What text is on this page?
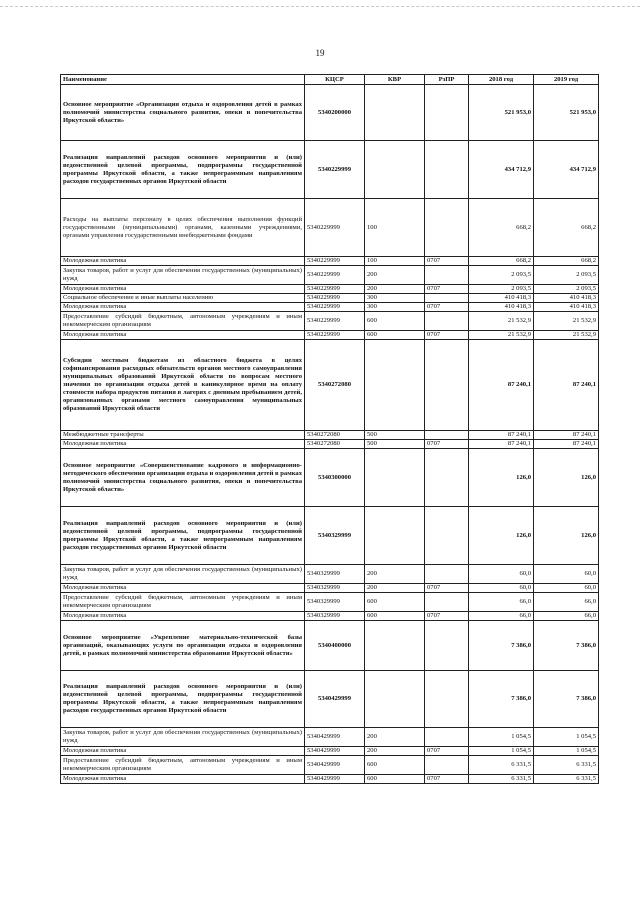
19
Наименование	КЦСР	КВР	РзПР	2018 год	2019 год
Основное мероприятие «Организация отдыха и оздоровления детей в рамках полномочий министерства социального развития, опеки и попечительства Иркутской области»	5340200000			521 953,0	521 953,0
Реализация направлений расходов основного мероприятия и (или) ведомственной целевой программы, подпрограммы государственной программы Иркутской области, а также непрограммным направлениям расходов государственных органов Иркутской области	5340229999			434 712,9	434 712,9
Расходы на выплаты персоналу в целях обеспечения выполнения функций государственными (муниципальными) органами, казенными учреждениями, органами управления государственными внебюджетными фондами	5340229999	100		668,2	668,2
Молодежная политика	5340229999	100	0707	668,2	668,2
Закупка товаров, работ и услуг для обеспечения государственных (муниципальных) нужд	5340229999	200		2 093,5	2 093,5
Молодежная политика	5340229999	200	0707	2 093,5	2 093,5
Социальное обеспечение и иные выплаты населению	5340229999	300		410 418,3	410 418,3
Молодежная политика	5340229999	300	0707	410 418,3	410 418,3
Предоставление субсидий бюджетным, автономным учреждениям и иным некоммерческим организациям	5340229999	600		21 532,9	21 532,9
Молодежная политика	5340229999	600	0707	21 532,9	21 532,9
Субсидии местным бюджетам из областного бюджета в целях софинансирования расходных обязательств органов местного самоуправления муниципальных образований Иркутской области по вопросам местного значения по организации отдыха детей в каникулярное время на оплату стоимости набора продуктов питания в лагерях с дневным пребыванием детей, организованных органами местного самоуправления муниципальных образований Иркутской области	5340272080			87 240,1	87 240,1
Межбюджетные трансферты	5340272080	500		87 240,1	87 240,1
Молодежная политика	5340272080	500	0707	87 240,1	87 240,1
Основное мероприятие «Совершенствование кадрового и информационно-методического обеспечения организации отдыха и оздоровления детей в рамках полномочий министерства социального развития, опеки и попечительства Иркутской области»	5340300000			126,0	126,0
Реализация направлений расходов основного мероприятия и (или) ведомственной целевой программы, подпрограммы государственной программы Иркутской области, а также непрограммным направлениям расходов государственных органов Иркутской области	5340329999			126,0	126,0
Закупка товаров, работ и услуг для обеспечения государственных (муниципальных) нужд	5340329999	200		60,0	60,0
Молодежная политика	5340329999	200	0707	60,0	60,0
Предоставление субсидий бюджетным, автономным учреждениям и иным некоммерческим организациям	5340329999	600		66,0	66,0
Молодежная политика	5340329999	600	0707	66,0	66,0
Основное мероприятие «Укрепление материально-технической базы организаций, оказывающих услуги по организации отдыха и оздоровления детей, в рамках полномочий министерства образования Иркутской области»	5340400000			7 386,0	7 386,0
Реализация направлений расходов основного мероприятия и (или) ведомственной целевой программы, подпрограммы государственной программы Иркутской области, а также непрограммным направлениям расходов государственных органов Иркутской области	5340429999			7 386,0	7 386,0
Закупка товаров, работ и услуг для обеспечения государственных (муниципальных) нужд	5340429999	200		1 054,5	1 054,5
Молодежная политика	5340429999	200	0707	1 054,5	1 054,5
Предоставление субсидий бюджетным, автономным учреждениям и иным некоммерческим организациям	5340429999	600		6 331,5	6 331,5
Молодежная политика	5340429999	600	0707	6 331,5	6 331,5
